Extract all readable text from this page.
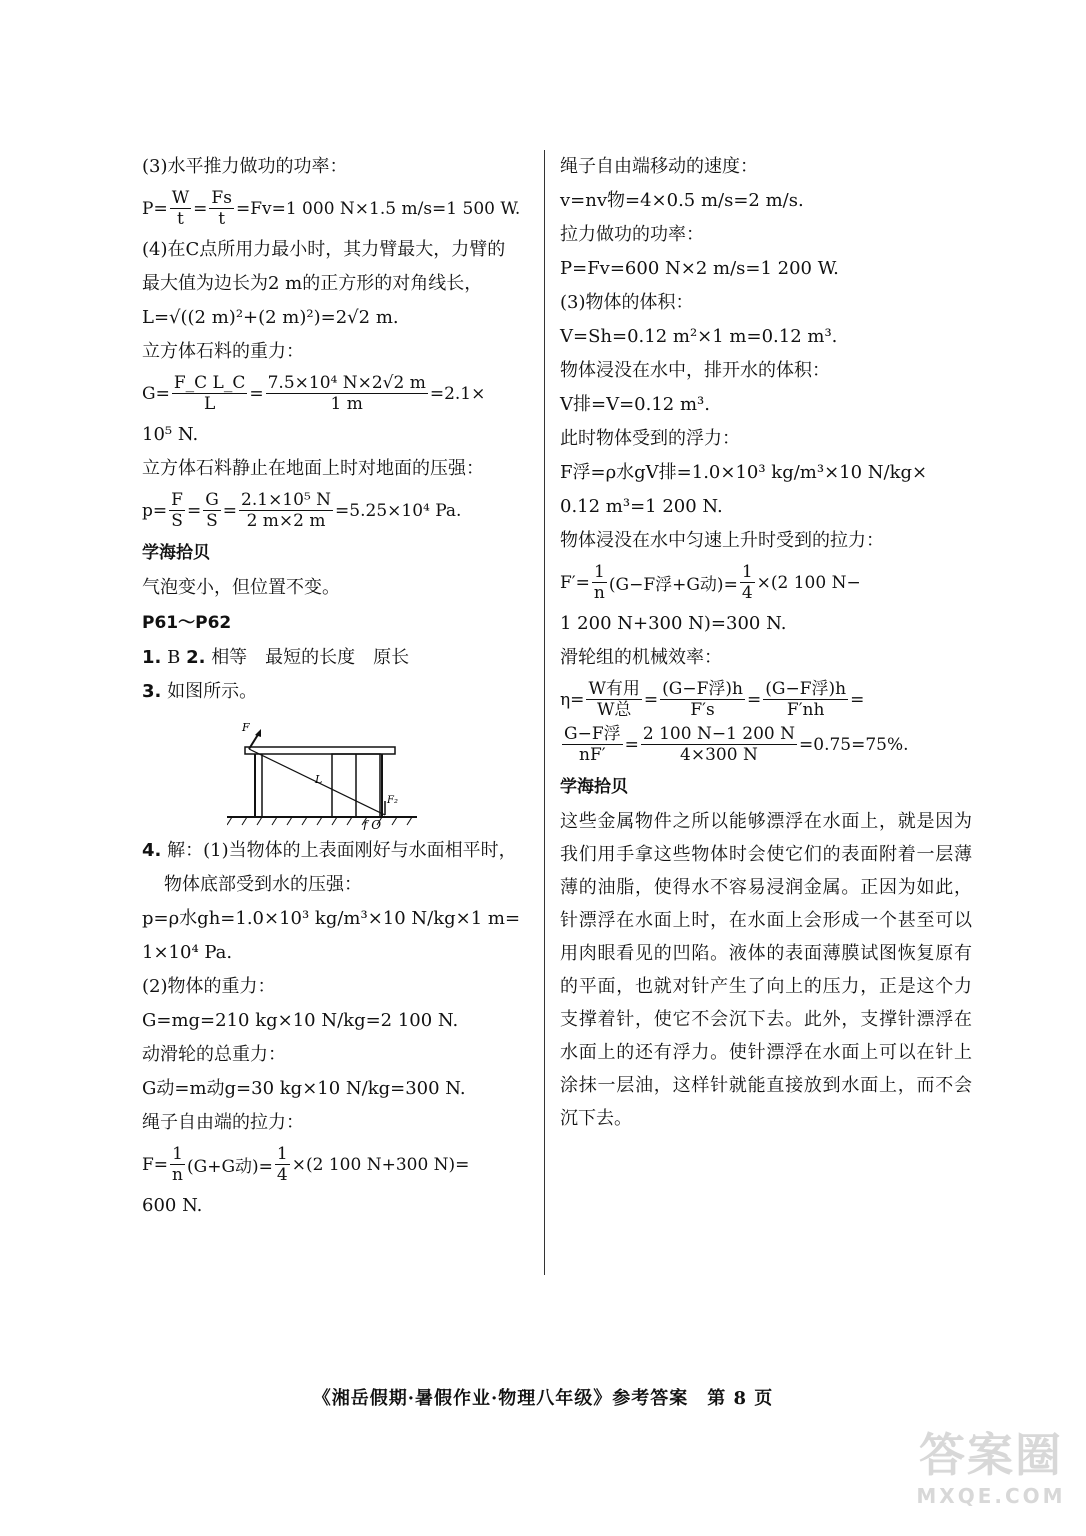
(3)水平推力做功的功率：
$P= \frac{W}{t} = \frac{Fs}{t} =Fv=1$ 000 N×1.5 m/s=1 500 W.
(4)在C点所用力最小时，其力臂最大，力臂的
最大值为边长为2 m的正方形的对角线长，
L=√((2 m)²+(2 m)²)=2√2 m.
立方体石料的重力：
$G= \frac{\text{F\_C L\_C}}{L} = \frac{\text{7.5×10⁴ N×2√2 m}}{1 m} =2.1\times$
10⁵ N.
立方体石料静止在地面上时对地面的压强：
$p= \frac{F}{S} = \frac{G}{S} = \frac{\text{2.1×10⁵ N}}{2 m\times 2 m} =5.25\times 10^4$ Pa.
学海拾贝
气泡变小，但位置不变。
P61～P62
1. B 2. 相等　最短的长度　原长
3. 如图所示。
F
L
F₂
f O
4. 解：(1)当物体的上表面刚好与水面相平时，
物体底部受到水的压强：
p=ρ水gh=1.0×10³ kg/m³×10 N/kg×1 m=
1×10⁴ Pa.
(2)物体的重力：
G=mg=210 kg×10 N/kg=2 100 N.
动滑轮的总重力：
G动=m动g=30 kg×10 N/kg=300 N.
绳子自由端的拉力：
$F= \frac{1}{n} (G+G$动)= $\frac{1}{4} \times(2$ 100 N+300 N)=
600 N.
绳子自由端移动的速度：
v=nv物=4×0.5 m/s=2 m/s.
拉力做功的功率：
P=Fv=600 N×2 m/s=1 200 W.
(3)物体的体积：
V=Sh=0.12 m²×1 m=0.12 m³.
物体浸没在水中，排开水的体积：
V排=V=0.12 m³.
此时物体受到的浮力：
F浮=ρ水gV排=1.0×10³ kg/m³×10 N/kg×
0.12 m³=1 200 N.
物体浸没在水中匀速上升时受到的拉力：
$F'= \frac{1}{n} (G-F$浮+G动)= $\frac{1}{4} \times(2$ 100 N−
1 200 N+300 N)=300 N.
滑轮组的机械效率：
$\eta= \frac{\text{W有用}}{\text{W总}} = \frac{\text{(G−F浮)h}}{F's} = \frac{\text{(G−F浮)h}}{F'nh}$ =
$\frac{\text{G−F浮}}{nF'} = \frac{2 100 N-1 200 N}{4\times 300 N} =0.75=75\%$.
学海拾贝
这些金属物件之所以能够漂浮在水面上，就是因为我们用手拿这些物体时会使它们的表面附着一层薄薄的油脂，使得水不容易浸润金属。正因为如此，针漂浮在水面上时，在水面上会形成一个甚至可以用肉眼看见的凹陷。液体的表面薄膜试图恢复原有的平面，也就对针产生了向上的压力，正是这个力支撑着针，使它不会沉下去。此外，支撑针漂浮在水面上的还有浮力。使针漂浮在水面上可以在针上涂抹一层油，这样针就能直接放到水面上，而不会沉下去。
《湘岳假期·暑假作业·物理八年级》参考答案　第 8 页
答案圈
MXQE.COM
